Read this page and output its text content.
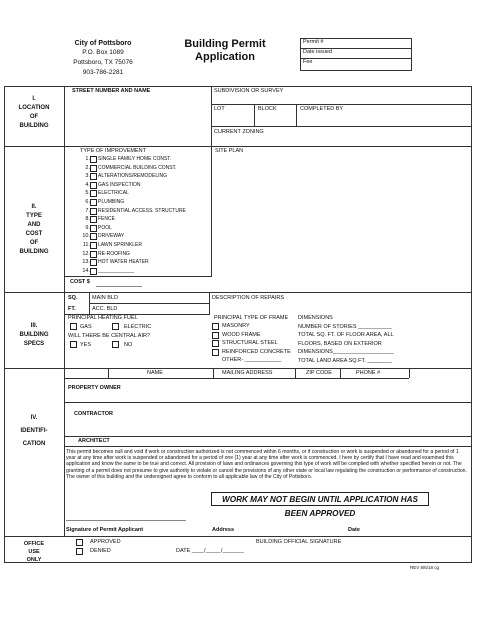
City of Pottsboro
P.O. Box 1089
Pottsboro, TX 75076
903-786-2281
Building Permit
Application
Permit #
Date issued
Fee
I.
LOCATION
OF
BUILDING
STREET NUMBER AND NAME	SUBDIVISION OR SURVEY
LOT	BLOCK	COMPLETED BY
CURRENT ZONING
II.
TYPE
AND
COST
OF
BUILDING
TYPE OF IMPROVEMENT	SITE PLAN
1. SINGLE FAMILY HOME CONST.
2. COMMERCIAL BUILDING CONST.
3. ALTERATIONS/REMODELING
4. GAS INSPECTION
5. ELECTRICAL
6. PLUMBING
7. RESIDENTIAL ACCESS. STRUCTURE
8. FENCE
9. POOL
10. DRIVEWAY
11. LAWN SPRINKLER
12. RE-ROOFING
13. HOT WATER HEATER
14. _____________
COST $
III.
BUILDING
SPECS
SQ.
FT.
MAIN BLD
ACC. BLD
DESCRIPTION OF REPAIRS
PRINCIPAL HEATING FUEL
GAS	ELECTRIC
WILL THERE BE CENTRAL AIR?
YES	NO
PRINCIPAL TYPE OF FRAME
MASONRY
WOOD FRAME
STRUCTURAL STEEL
REINFORCED CONCRETE
OTHER- ____________
DIMENSIONS
NUMBER OF STORIES ___________
TOTAL SQ. FT. OF FLOOR AREA, ALL
FLOORS, BASED ON EXTERIOR
DIMENSIONS____________________
TOTAL LAND AREA SQ.FT. ________
IV.
IDENTIFI-
CATION
NAME	MAILING ADDRESS	ZIP CODE	PHONE #
PROPERTY OWNER
CONTRACTOR
ARCHITECT
This permit becomes null and void if work or construction authorized is not commenced within 6 months, or if construction or work is suspended or abandoned for a period of 1 year at any time after work is suspended or abandoned for a period of one (1) year at any time after work is commenced. I here by certify that I have read and examined this application and know the same to be true and correct. All provision of laws and ordinances governing this type of work will be complied with whether specified herein or not. The granting of a permit does not presume to give authority to violate or cancel the provisions of any other state or local law regulating the construction or performance of construction. The owner of this building and the undersigned agree to conform to all applicable law of the City of Pottsboro.
WORK MAY NOT BEGIN UNTIL APPLICATION HAS BEEN APPROVED
Signature of Permit Applicant	Address	Date
OFFICE
USE
ONLY
APPROVED
DENIED	DATE ____/_____/_______
BUILDING OFFICIAL SIGNATURE
REV 8/6/18 cg
